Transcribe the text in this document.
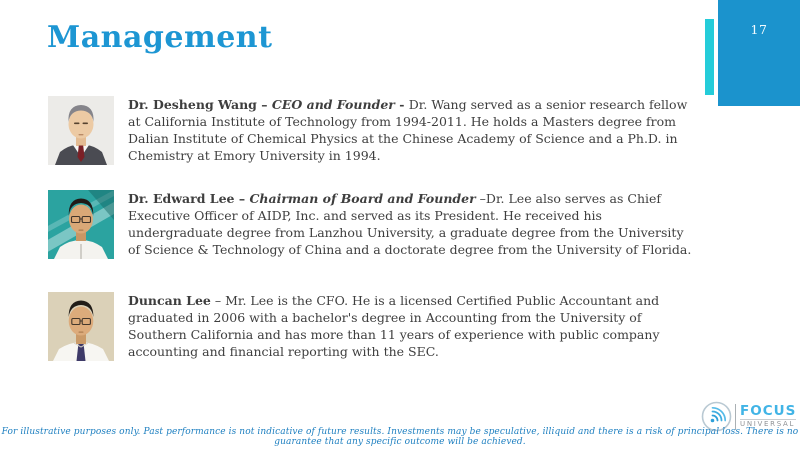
Management	17

Dr. Desheng Wang – CEO and Founder - Dr. Wang served as a senior research fellow at California Institute of Technology from 1994-2011. He holds a Masters degree from Dalian Institute of Chemical Physics at the Chinese Academy of Science and a Ph.D. in Chemistry at Emory University in 1994.

Dr. Edward Lee – Chairman of Board and Founder –Dr. Lee also serves as Chief Executive Officer of AIDP, Inc. and served as its President. He received his undergraduate degree from Lanzhou University, a graduate degree from the University of Science & Technology of China and a doctorate degree from the University of Florida.

Duncan Lee – Mr. Lee is the CFO. He is a licensed Certified Public Accountant and graduated in 2006 with a bachelor's degree in Accounting from the University of Southern California and has more than 11 years of experience with public company accounting and financial reporting with the SEC.

FOCUS
UNIVERSAL
For illustrative purposes only. Past performance is not indicative of future results. Investments may be speculative, illiquid and there is a risk of principal loss. There is no guarantee that any specific outcome will be achieved.
